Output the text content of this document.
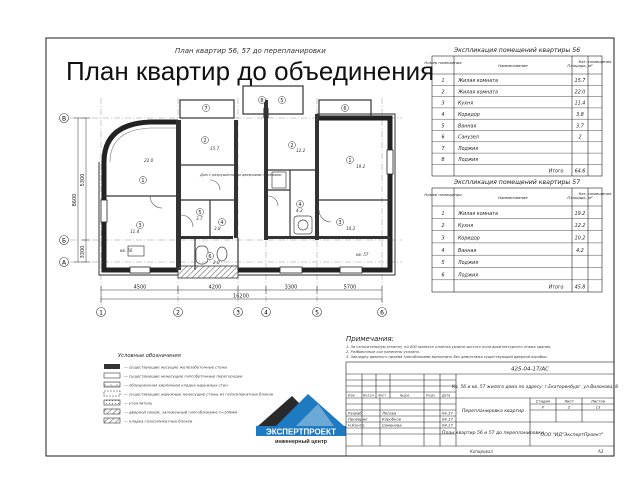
План квартир до объединения
План квартир 56, 57 до перепланировки
В
Б
А
1	2	3	4	5	6
1
2
3	4
5
6
7
8
1
2
3
4
5
6
19.2
12.2
11.4
22.0
15.7
10.2
3.8
4.2
3.7
2.0
Дом с разрушенными дверными проёмами
кв. 56
кв. 57
4500	4200	3300	5700
16200
8600
5300
3300
Экспликация помещений квартиры 56
Номер помещения
Наименование	Площадь, м²
Кат. помещения
1	Жилая комната	15.7
2	Жилая комната	22.0
3	Кухня	11.4
4	Коридор	3.8
5	Ванная	3.7
6	Санузел	2
7	Лоджия
8	Лоджия
Итого 64.6
Экспликация помещений квартиры 57
Номер помещения
Наименование	Площадь, м²
Кат. помещения
1	Жилая комната	19.2
2	Кухня	12.2
3	Коридор	10.2
4	Ванная	4.2
5	Лоджия
6	Лоджия
Итого 45.8
Примечания:
1. За относительную отметку ±0,000 принята отметка уровня чистого пола архитектурного этажа здания.
2. Разбивочные оси нанесены условно.
3. Закладку дверного проёма гипсоблоками выполнить без демонтажа существующей дверной коробки.
Условные обозначения
— существующие несущие железобетонные стены
— существующие ненесущие гипсобетонные перегородки
— облицовочная кирпичная кладка наружных стен
— существующие наружные ненесущие стены из газосиликатных блоков
— утеплитель
— дверной проём, заложенный гипсоблоками; t=100мм
— кладка газосиликатных блоков
ЭКСПЕРТПРОЕКТ
инженерный центр
425-04-17/АС
Кв. 56 и кв. 57 жилого дома по адресу: г.Екатеринбург, ул.Вилонова, 8
Изм. Кол.уч	Лист	№док.	Подп.	Дата
Разраб.	Лосева	04.17
Проверил	Коробков	04.17
Н.Контр.	Семенова	04.17
Стадия	Лист	Листов
Р	2	13
Перепланировка квартир
План квартир 56 и 57 до перепланировки
ООО "ИД"ЭкспертПроект"
Копировал	А3
